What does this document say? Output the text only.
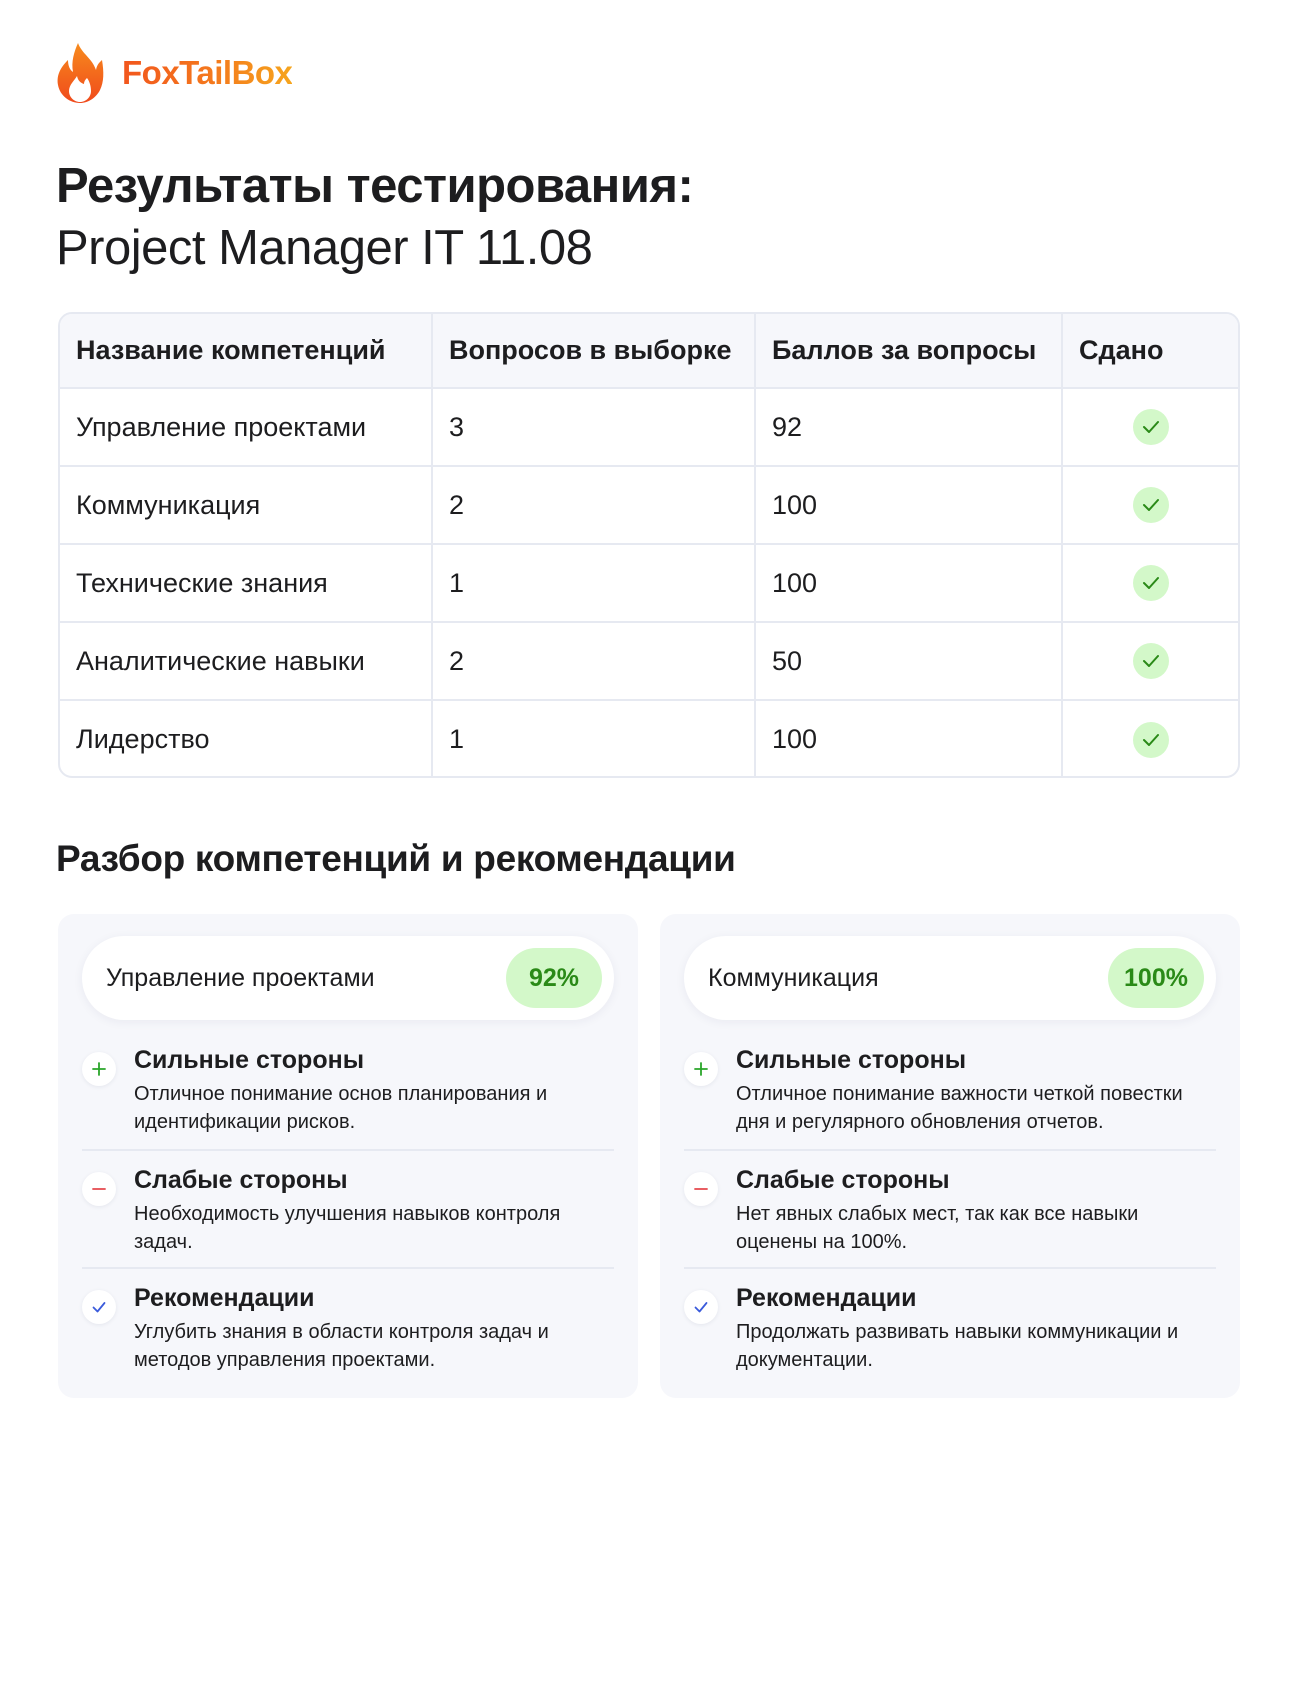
FoxTailBox
Результаты тестирования:
Project Manager IT 11.08
Название компетенций	Вопросов в выборке	Баллов за вопросы	Сдано
Управление проектами	3	92	

Коммуникация	2	100	

Технические знания	1	100	

Аналитические навыки	2	50	

Лидерство	1	100	
Разбор компетенций и рекомендации
Управление проектами	92%
Сильные стороны
Отличное понимание основ планирования и идентификации рисков.
Слабые стороны
Необходимость улучшения навыков контроля задач.
Рекомендации
Углубить знания в области контроля задач и методов управления проектами.
Коммуникация	100%
Сильные стороны
Отличное понимание важности четкой повестки дня и регулярного обновления отчетов.
Слабые стороны
Нет явных слабых мест, так как все навыки оценены на 100%.
Рекомендации
Продолжать развивать навыки коммуникации и документации.
